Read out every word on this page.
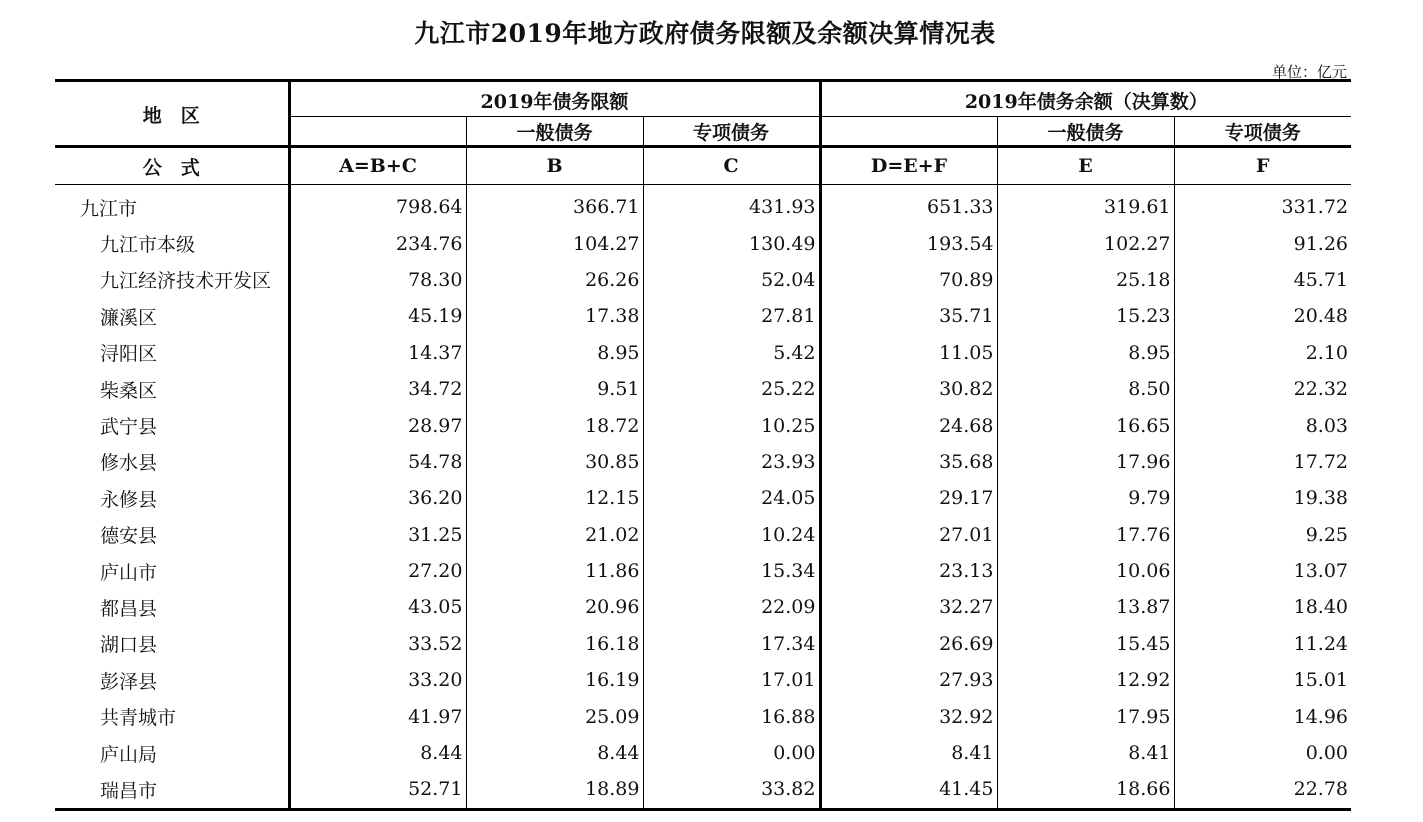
九江市2019年地方政府债务限额及余额决算情况表
单位：亿元
地　区	2019年债务限额			2019年债务余额（决算数）		
		一般债务	专项债务		一般债务	专项债务
公　式	A=B+C	B	C	D=E+F	E	F
九江市	798.64	366.71	431.93	651.33	319.61	331.72
九江市本级	234.76	104.27	130.49	193.54	102.27	91.26
九江经济技术开发区	78.30	26.26	52.04	70.89	25.18	45.71
濂溪区	45.19	17.38	27.81	35.71	15.23	20.48
浔阳区	14.37	8.95	5.42	11.05	8.95	2.10
柴桑区	34.72	9.51	25.22	30.82	8.50	22.32
武宁县	28.97	18.72	10.25	24.68	16.65	8.03
修水县	54.78	30.85	23.93	35.68	17.96	17.72
永修县	36.20	12.15	24.05	29.17	9.79	19.38
德安县	31.25	21.02	10.24	27.01	17.76	9.25
庐山市	27.20	11.86	15.34	23.13	10.06	13.07
都昌县	43.05	20.96	22.09	32.27	13.87	18.40
湖口县	33.52	16.18	17.34	26.69	15.45	11.24
彭泽县	33.20	16.19	17.01	27.93	12.92	15.01
共青城市	41.97	25.09	16.88	32.92	17.95	14.96
庐山局	8.44	8.44	0.00	8.41	8.41	0.00
瑞昌市	52.71	18.89	33.82	41.45	18.66	22.78
